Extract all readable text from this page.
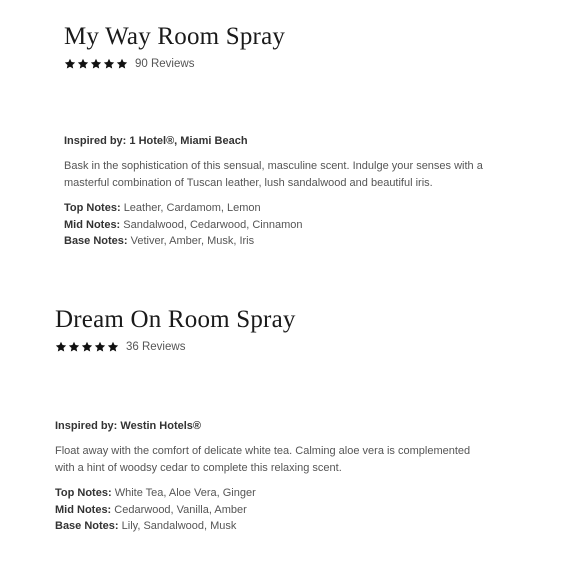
My Way Room Spray
90 Reviews
Inspired by: 1 Hotel®, Miami Beach
Bask in the sophistication of this sensual, masculine scent. Indulge your senses with a masterful combination of Tuscan leather, lush sandalwood and beautiful iris.
Top Notes: Leather, Cardamom, Lemon
Mid Notes: Sandalwood, Cedarwood, Cinnamon
Base Notes: Vetiver, Amber, Musk, Iris
Dream On Room Spray
36 Reviews
Inspired by: Westin Hotels®
Float away with the comfort of delicate white tea. Calming aloe vera is complemented with a hint of woodsy cedar to complete this relaxing scent.
Top Notes: White Tea, Aloe Vera, Ginger
Mid Notes: Cedarwood, Vanilla, Amber
Base Notes: Lily, Sandalwood, Musk
